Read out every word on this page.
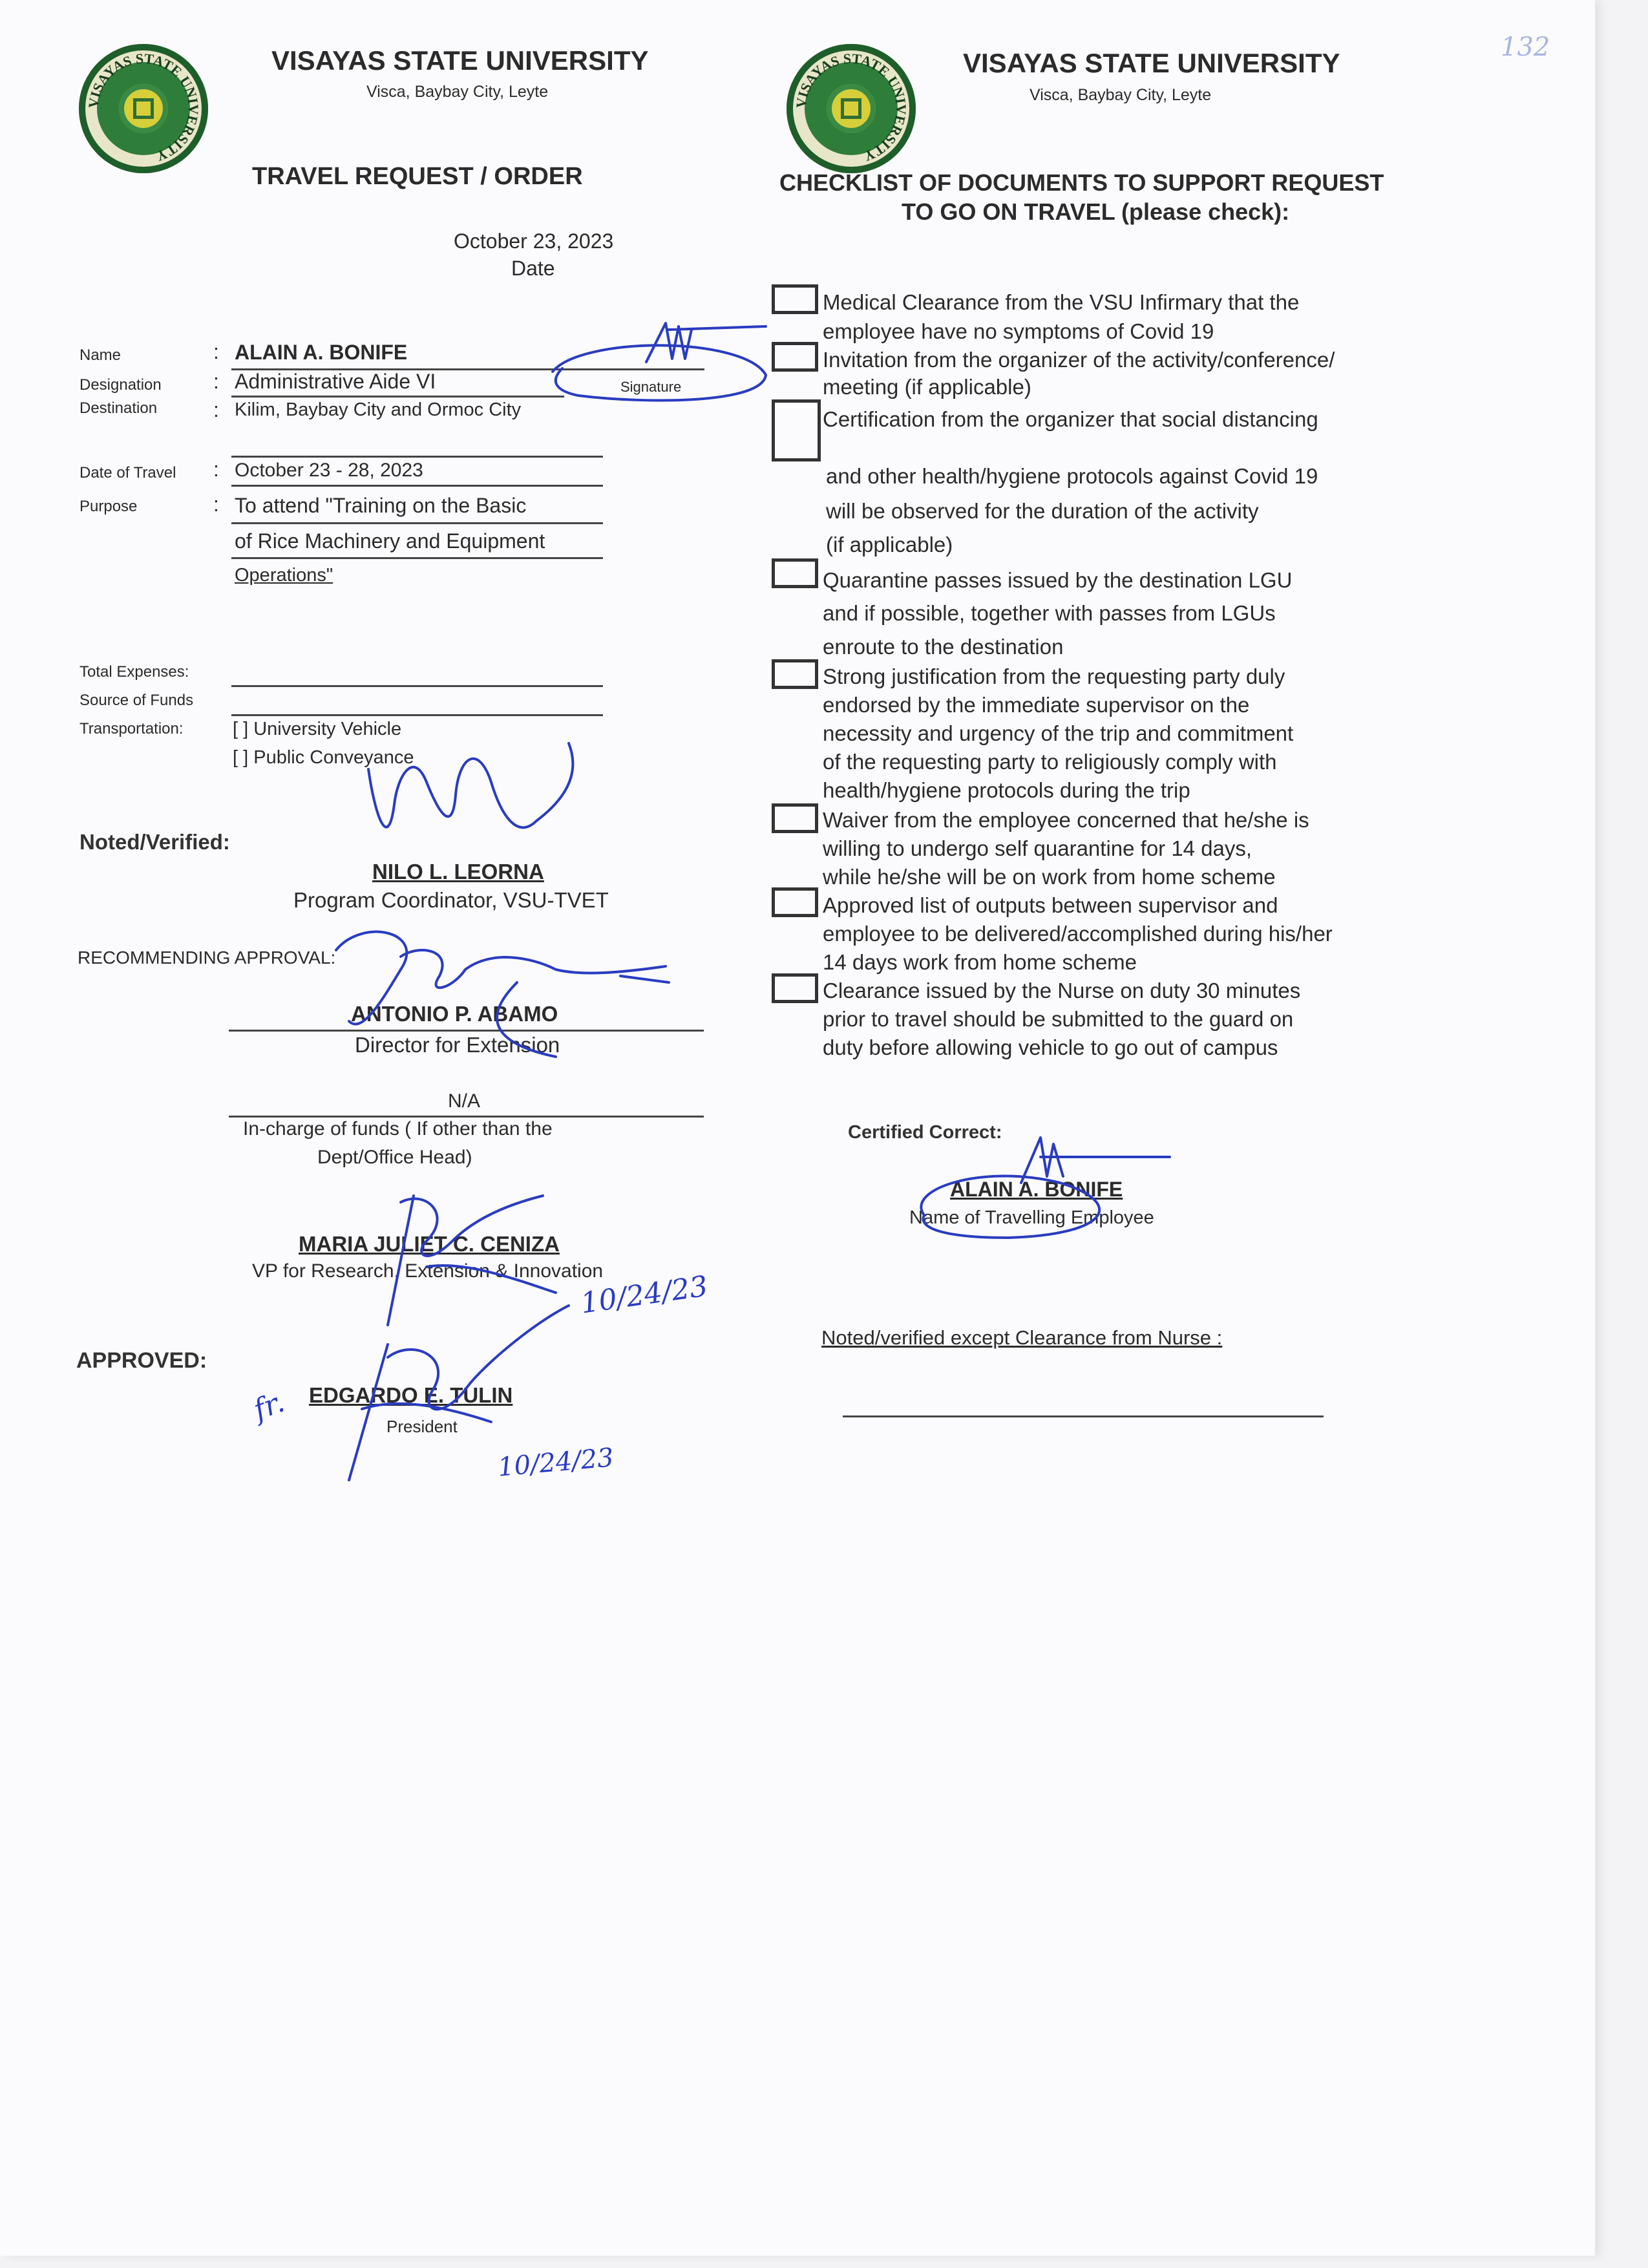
VISAYAS STATE UNIVERSITY
VISAYAS STATE UNIVERSITY
Visca, Baybay City, Leyte
TRAVEL REQUEST / ORDER
October 23, 2023
Date
Name	: ALAIN A. BONIFE
Signature
Designation	: Administrative Aide VI
Destination	: Kilim, Baybay City and Ormoc City
Date of Travel : October 23 - 28, 2023
Purpose	: To attend "Training on the Basic
of Rice Machinery and Equipment
Operations"
Total Expenses:
Source of Funds
Transportation:	[ ] University Vehicle
[ ] Public Conveyance
Noted/Verified:
NILO L. LEORNA
Program Coordinator, VSU-TVET
RECOMMENDING APPROVAL:
ANTONIO P. ABAMO
Director for Extension
N/A
In-charge of funds ( If other than the
Dept/Office Head)
MARIA JULIET C. CENIZA
VP for Research, Extension & Innovation
10/24/23
APPROVED:
EDGARDO E. TULIN
President
fr.
10/24/23
VISAYAS STATE UNIVERSITY
VISAYAS STATE UNIVERSITY
Visca, Baybay City, Leyte
CHECKLIST OF DOCUMENTS TO SUPPORT REQUEST
TO GO ON TRAVEL (please check):
132
Medical Clearance from the VSU Infirmary that the
employee have no symptoms of Covid 19
Invitation from the organizer of the activity/conference/
meeting (if applicable)
Certification from the organizer that social distancing
and other health/hygiene protocols against Covid 19
will be observed for the duration of the activity
(if applicable)
Quarantine passes issued by the destination LGU
and if possible, together with passes from LGUs
enroute to the destination
Strong justification from the requesting party duly
endorsed by the immediate supervisor on the
necessity and urgency of the trip and commitment
of the requesting party to religiously comply with
health/hygiene protocols during the trip
Waiver from the employee concerned that he/she is
willing to undergo self quarantine for 14 days,
while he/she will be on work from home scheme
Approved list of outputs between supervisor and
employee to be delivered/accomplished during his/her
14 days work from home scheme
Clearance issued by the Nurse on duty 30 minutes
prior to travel should be submitted to the guard on
duty before allowing vehicle to go out of campus
Certified Correct:
ALAIN A. BONIFE
Name of Travelling Employee
Noted/verified except Clearance from Nurse :
